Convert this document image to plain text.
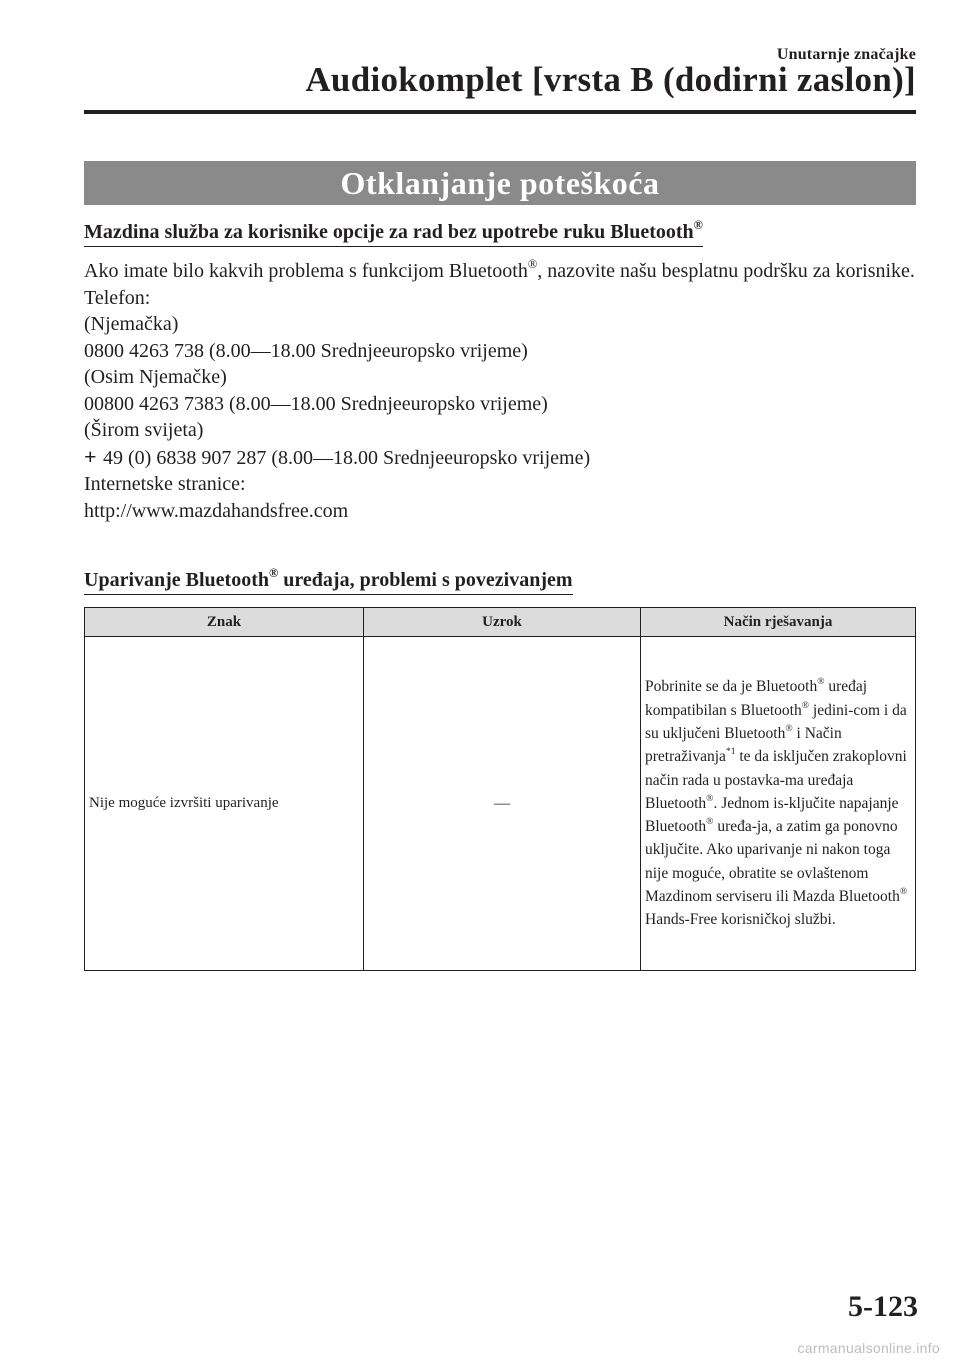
Unutarnje značajke
Audiokomplet [vrsta B (dodirni zaslon)]
Otklanjanje poteškoća
Mazdina služba za korisnike opcije za rad bez upotrebe ruku Bluetooth®

Ako imate bilo kakvih problema s funkcijom Bluetooth®, nazovite našu besplatnu podršku za korisnike.

Telefon:

(Njemačka)

0800 4263 738 (8.00―18.00 Srednjeeuropsko vrijeme)

(Osim Njemačke)

00800 4263 7383 (8.00―18.00 Srednjeeuropsko vrijeme)

(Širom svijeta)

+ 49 (0) 6838 907 287 (8.00―18.00 Srednjeeuropsko vrijeme)

Internetske stranice:

http://www.mazdahandsfree.com

Uparivanje Bluetooth® uređaja, problemi s povezivanjem
Znak	Uzrok	Način rješavanja
Nije moguće izvršiti uparivanje	―	Pobrinite se da je Bluetooth® uređaj kompatibilan s Bluetooth® jedini-com i da su uključeni Bluetooth® i Način pretraživanja$^{*1}$ te da isključen zrakoplovni način rada u postavka-ma uređaja Bluetooth®. Jednom is-ključite napajanje Bluetooth® uređa-ja, a zatim ga ponovno uključite. Ako uparivanje ni nakon toga nije moguće, obratite se ovlaštenom Mazdinom serviseru ili Mazda Bluetooth® Hands-Free korisničkoj službi.
5-123
carmanualsonline.info
